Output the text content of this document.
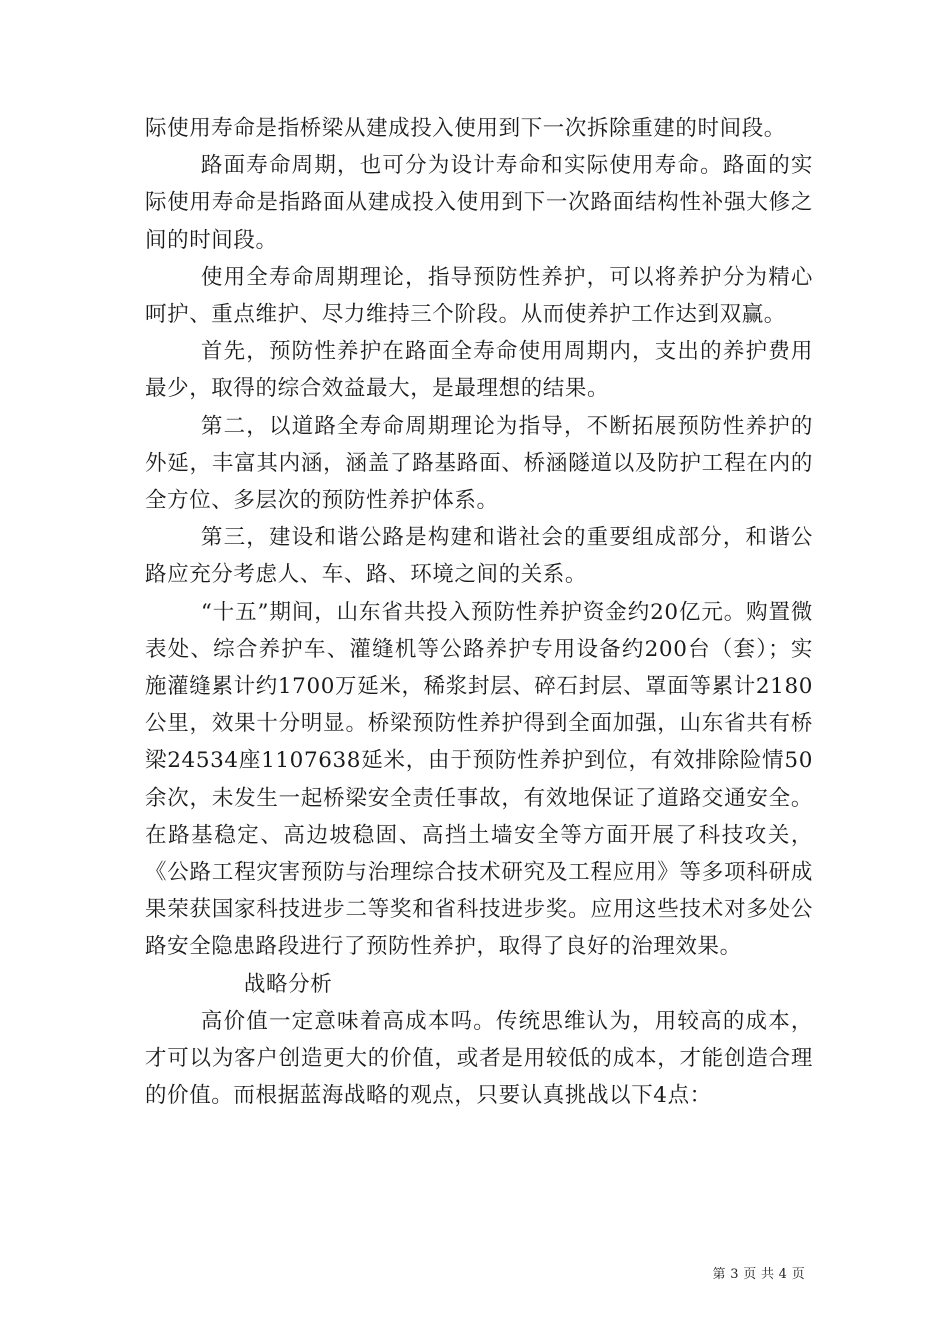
际使用寿命是指桥梁从建成投入使用到下一次拆除重建的时间段。

路面寿命周期，也可分为设计寿命和实际使用寿命。路面的实际使用寿命是指路面从建成投入使用到下一次路面结构性补强大修之间的时间段。

使用全寿命周期理论，指导预防性养护，可以将养护分为精心呵护、重点维护、尽力维持三个阶段。从而使养护工作达到双赢。

首先，预防性养护在路面全寿命使用周期内，支出的养护费用最少，取得的综合效益最大，是最理想的结果。

第二，以道路全寿命周期理论为指导，不断拓展预防性养护的外延，丰富其内涵，涵盖了路基路面、桥涵隧道以及防护工程在内的全方位、多层次的预防性养护体系。

第三，建设和谐公路是构建和谐社会的重要组成部分，和谐公路应充分考虑人、车、路、环境之间的关系。

“十五”期间，山东省共投入预防性养护资金约20亿元。购置微表处、综合养护车、灌缝机等公路养护专用设备约200台（套）；实施灌缝累计约1700万延米，稀浆封层、碎石封层、罩面等累计2180公里，效果十分明显。桥梁预防性养护得到全面加强，山东省共有桥梁24534座1107638延米，由于预防性养护到位，有效排除险情50余次，未发生一起桥梁安全责任事故，有效地保证了道路交通安全。在路基稳定、高边坡稳固、高挡土墙安全等方面开展了科技攻关，《公路工程灾害预防与治理综合技术研究及工程应用》等多项科研成果荣获国家科技进步二等奖和省科技进步奖。应用这些技术对多处公路安全隐患路段进行了预防性养护，取得了良好的治理效果。

战略分析

高价值一定意味着高成本吗。传统思维认为，用较高的成本，才可以为客户创造更大的价值，或者是用较低的成本，才能创造合理的价值。而根据蓝海战略的观点，只要认真挑战以下4点：

第 3 页 共 4 页
